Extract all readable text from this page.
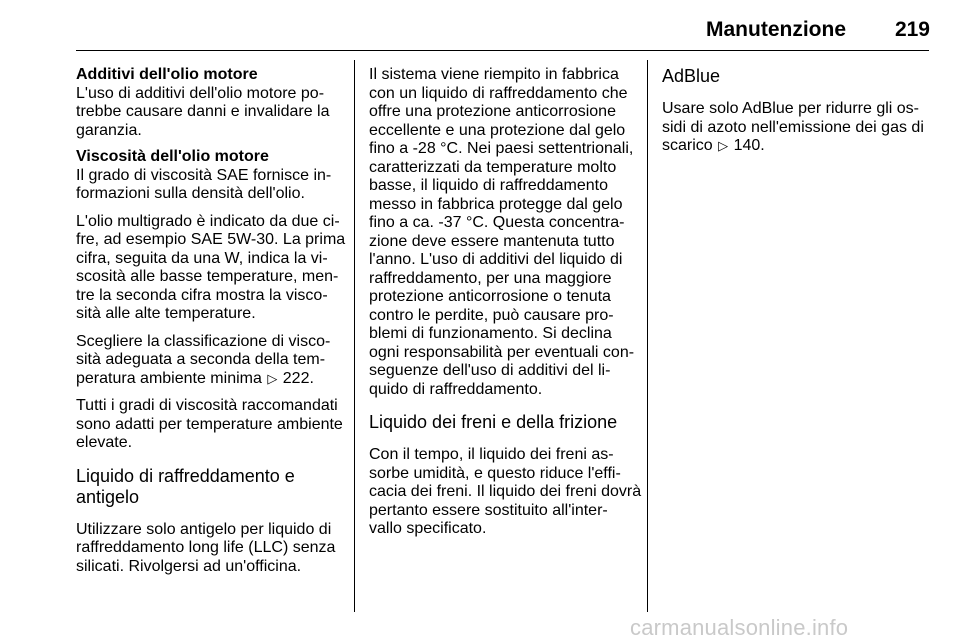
Manutenzione	219
Additivi dell'olio motore
L'uso di additivi dell'olio motore po-
trebbe causare danni e invalidare la
garanzia.
Viscosità dell'olio motore
Il grado di viscosità SAE fornisce in-
formazioni sulla densità dell'olio.
L'olio multigrado è indicato da due ci-
fre, ad esempio SAE 5W-30. La prima
cifra, seguita da una W, indica la vi-
scosità alle basse temperature, men-
tre la seconda cifra mostra la visco-
sità alle alte temperature.
Scegliere la classificazione di visco-
sità adeguata a seconda della tem-
peratura ambiente minima ▷ 222.
Tutti i gradi di viscosità raccomandati
sono adatti per temperature ambiente
elevate.
Liquido di raffreddamento e
antigelo
Utilizzare solo antigelo per liquido di
raffreddamento long life (LLC) senza
silicati. Rivolgersi ad un'officina.
Il sistema viene riempito in fabbrica
con un liquido di raffreddamento che
offre una protezione anticorrosione
eccellente e una protezione dal gelo
fino a -28 °C. Nei paesi settentrionali,
caratterizzati da temperature molto
basse, il liquido di raffreddamento
messo in fabbrica protegge dal gelo
fino a ca. -37 °C. Questa concentra-
zione deve essere mantenuta tutto
l'anno. L'uso di additivi del liquido di
raffreddamento, per una maggiore
protezione anticorrosione o tenuta
contro le perdite, può causare pro-
blemi di funzionamento. Si declina
ogni responsabilità per eventuali con-
seguenze dell'uso di additivi del li-
quido di raffreddamento.
Liquido dei freni e della frizione
Con il tempo, il liquido dei freni as-
sorbe umidità, e questo riduce l'effi-
cacia dei freni. Il liquido dei freni dovrà
pertanto essere sostituito all'inter-
vallo specificato.
AdBlue
Usare solo AdBlue per ridurre gli os-
sidi di azoto nell'emissione dei gas di
scarico ▷ 140.
carmanualsonline.info
